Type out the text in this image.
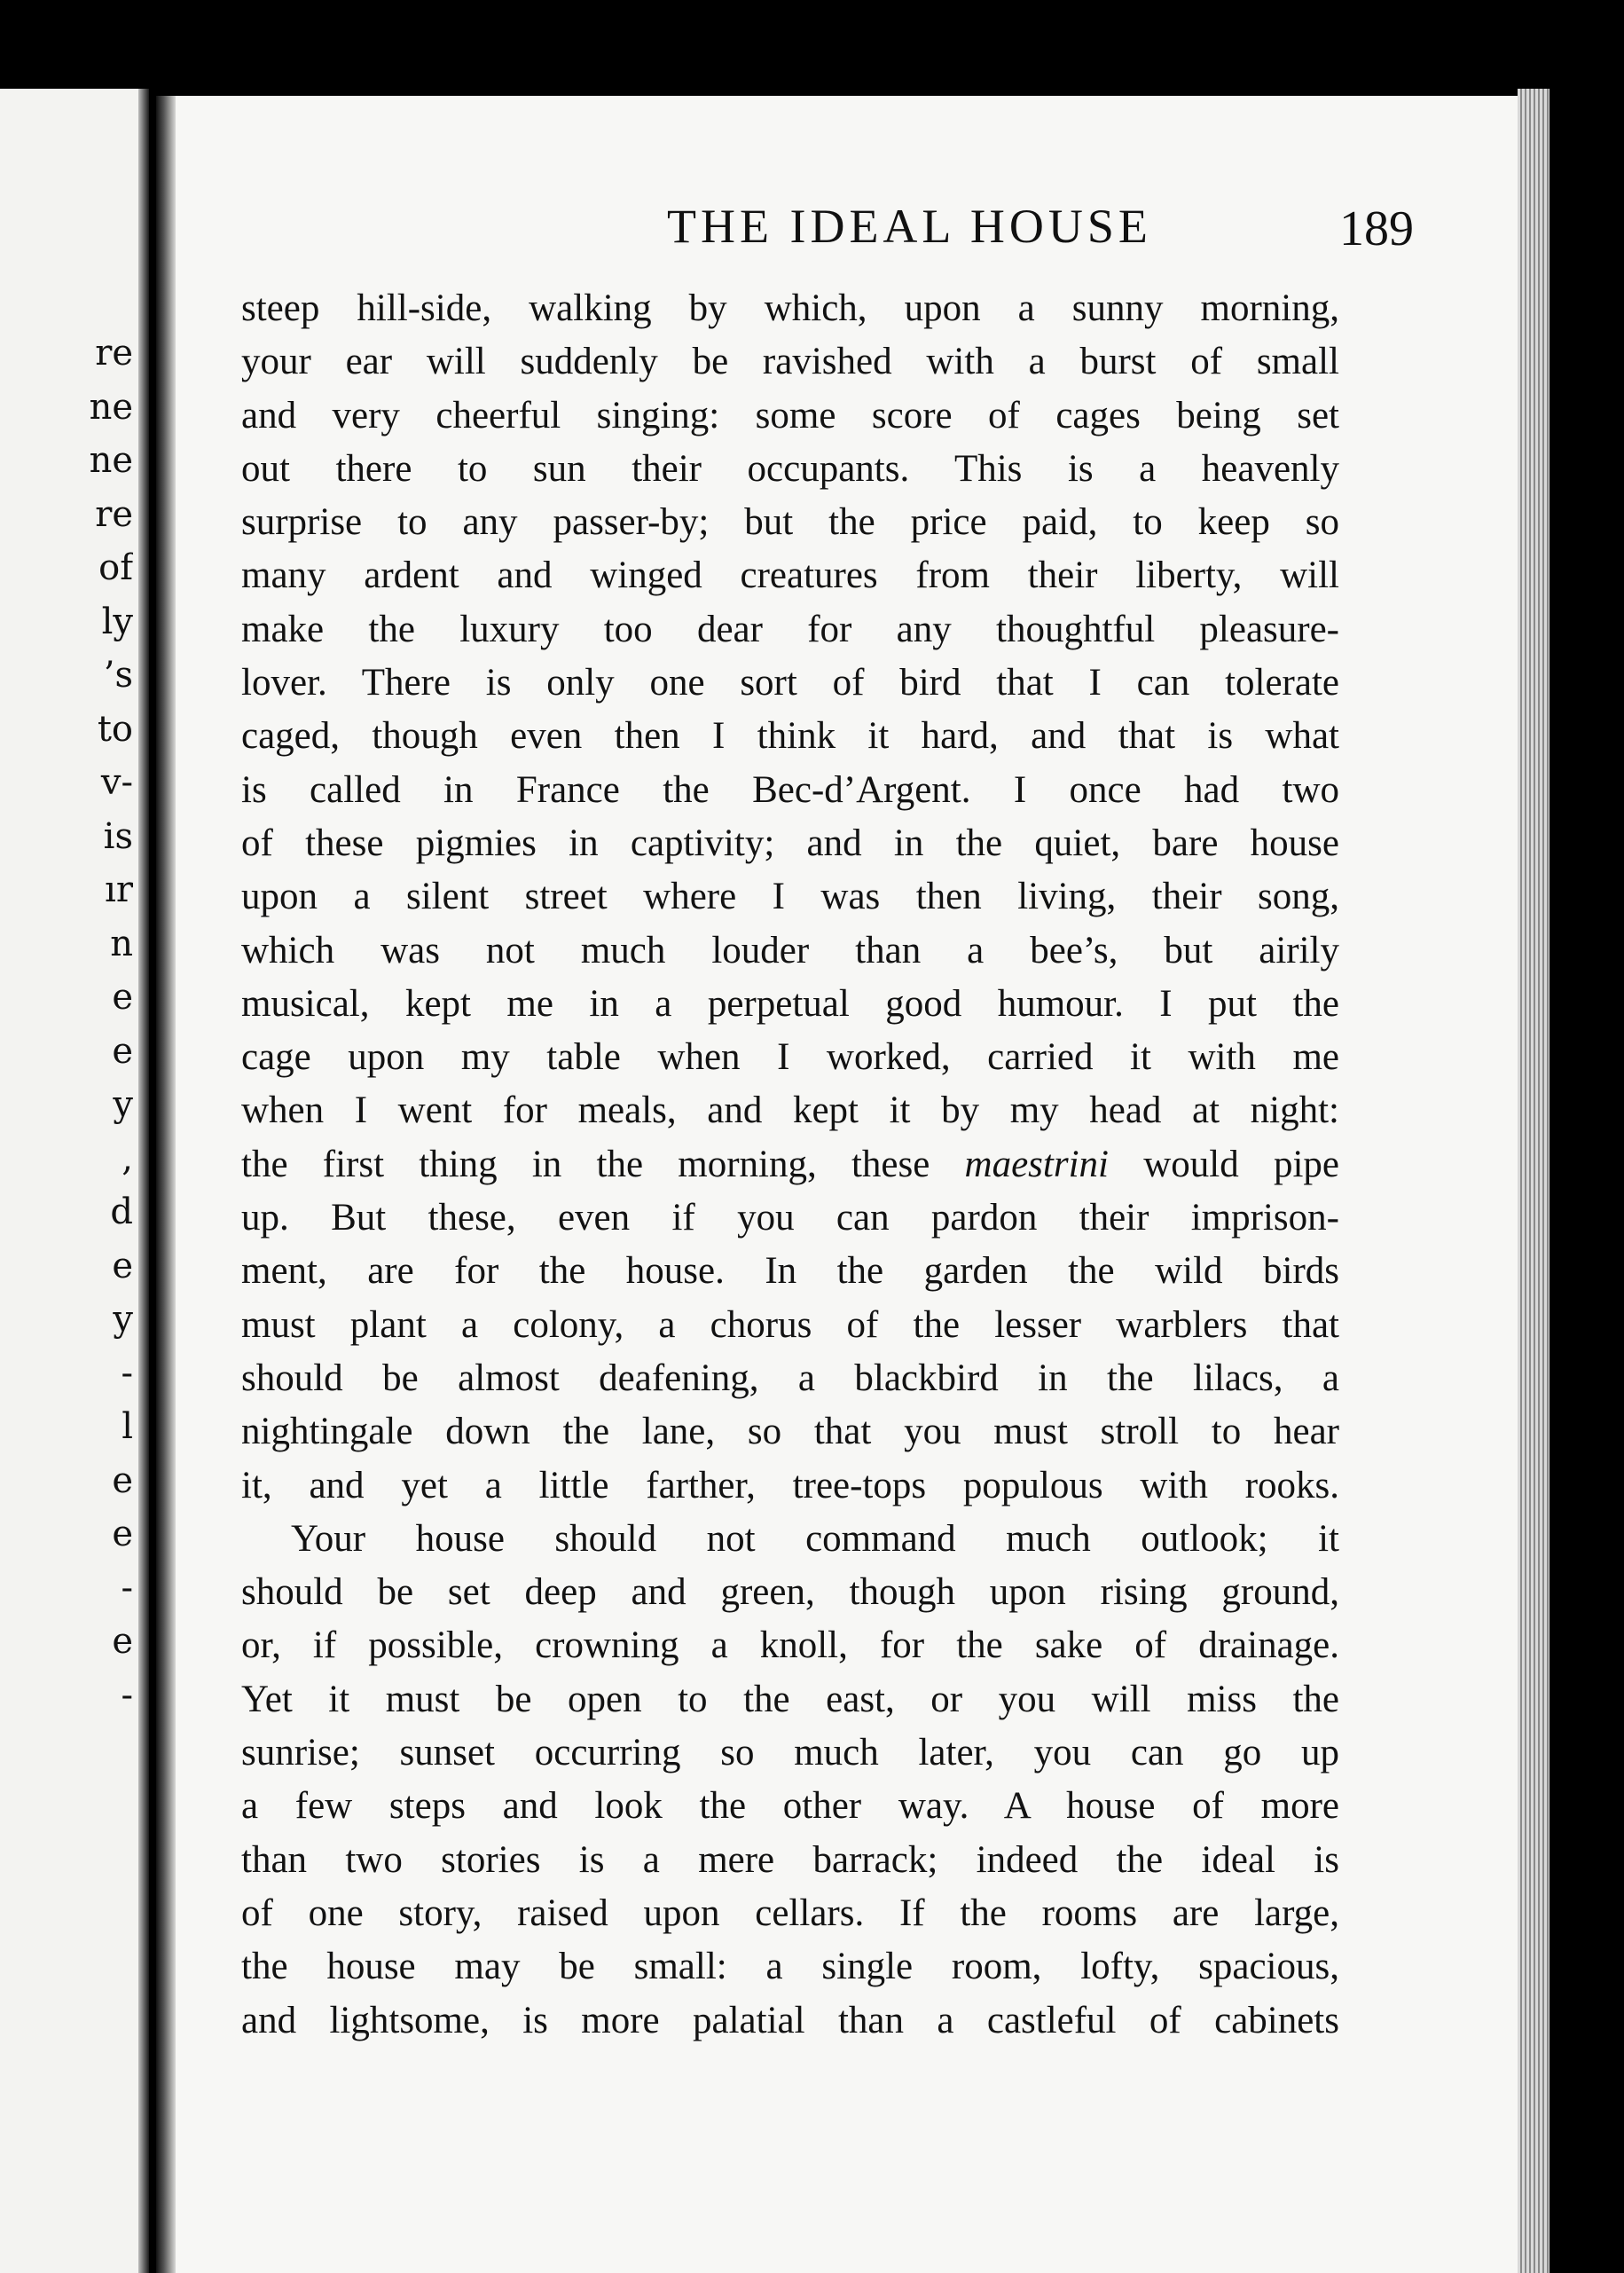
re
ne
ne
re
of
ly
’s
to
v-
is
ır
n
e
e
y
,
d
e
y
-
l
e
e
-
e
-
THE IDEAL HOUSE	189
steep hill-side, walking by which, upon a sunny morning,
your ear will suddenly be ravished with a burst of small
and very cheerful singing: some score of cages being set
out there to sun their occupants. This is a heavenly
surprise to any passer-by; but the price paid, to keep so
many ardent and winged creatures from their liberty, will
make the luxury too dear for any thoughtful pleasure-
lover. There is only one sort of bird that I can tolerate
caged, though even then I think it hard, and that is what
is called in France the Bec-d’Argent. I once had two
of these pigmies in captivity; and in the quiet, bare house
upon a silent street where I was then living, their song,
which was not much louder than a bee’s, but airily
musical, kept me in a perpetual good humour. I put the
cage upon my table when I worked, carried it with me
when I went for meals, and kept it by my head at night:
the first thing in the morning, these maestrini would pipe
up. But these, even if you can pardon their imprison-
ment, are for the house. In the garden the wild birds
must plant a colony, a chorus of the lesser warblers that
should be almost deafening, a blackbird in the lilacs, a
nightingale down the lane, so that you must stroll to hear
it, and yet a little farther, tree-tops populous with rooks.
Your house should not command much outlook; it
should be set deep and green, though upon rising ground,
or, if possible, crowning a knoll, for the sake of drainage.
Yet it must be open to the east, or you will miss the
sunrise; sunset occurring so much later, you can go up
a few steps and look the other way. A house of more
than two stories is a mere barrack; indeed the ideal is
of one story, raised upon cellars. If the rooms are large,
the house may be small: a single room, lofty, spacious,
and lightsome, is more palatial than a castleful of cabinets
